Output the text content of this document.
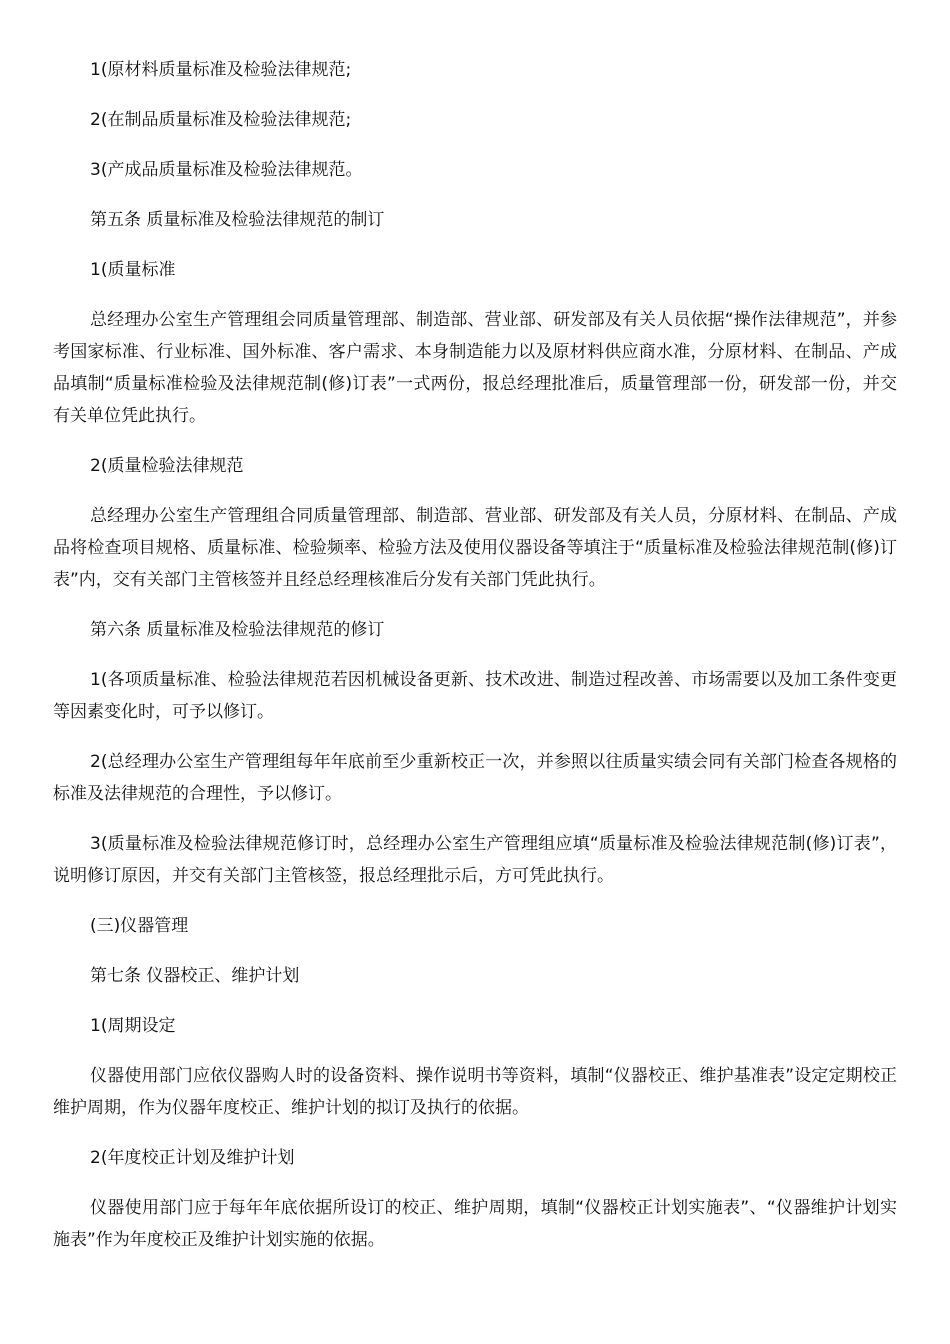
1(原材料质量标准及检验法律规范;

2(在制品质量标准及检验法律规范;

3(产成品质量标准及检验法律规范。

第五条 质量标准及检验法律规范的制订

1(质量标准

总经理办公室生产管理组会同质量管理部、制造部、营业部、研发部及有关人员依据“操作法律规范”，并参考国家标准、行业标准、国外标准、客户需求、本身制造能力以及原材料供应商水准，分原材料、在制品、产成品填制“质量标准检验及法律规范制(修)订表”一式两份，报总经理批准后，质量管理部一份，研发部一份，并交有关单位凭此执行。

2(质量检验法律规范

总经理办公室生产管理组合同质量管理部、制造部、营业部、研发部及有关人员，分原材料、在制品、产成品将检查项目规格、质量标准、检验频率、检验方法及使用仪器设备等填注于“质量标准及检验法律规范制(修)订表”内，交有关部门主管核签并且经总经理核准后分发有关部门凭此执行。

第六条 质量标准及检验法律规范的修订

1(各项质量标准、检验法律规范若因机械设备更新、技术改进、制造过程改善、市场需要以及加工条件变更等因素变化时，可予以修订。

2(总经理办公室生产管理组每年年底前至少重新校正一次，并参照以往质量实绩会同有关部门检查各规格的标准及法律规范的合理性，予以修订。

3(质量标准及检验法律规范修订时，总经理办公室生产管理组应填“质量标准及检验法律规范制(修)订表”，说明修订原因，并交有关部门主管核签，报总经理批示后，方可凭此执行。

(三)仪器管理

第七条 仪器校正、维护计划

1(周期设定

仪器使用部门应依仪器购人时的设备资料、操作说明书等资料，填制“仪器校正、维护基准表”设定定期校正维护周期，作为仪器年度校正、维护计划的拟订及执行的依据。

2(年度校正计划及维护计划

仪器使用部门应于每年年底依据所设订的校正、维护周期，填制“仪器校正计划实施表”、“仪器维护计划实施表”作为年度校正及维护计划实施的依据。
